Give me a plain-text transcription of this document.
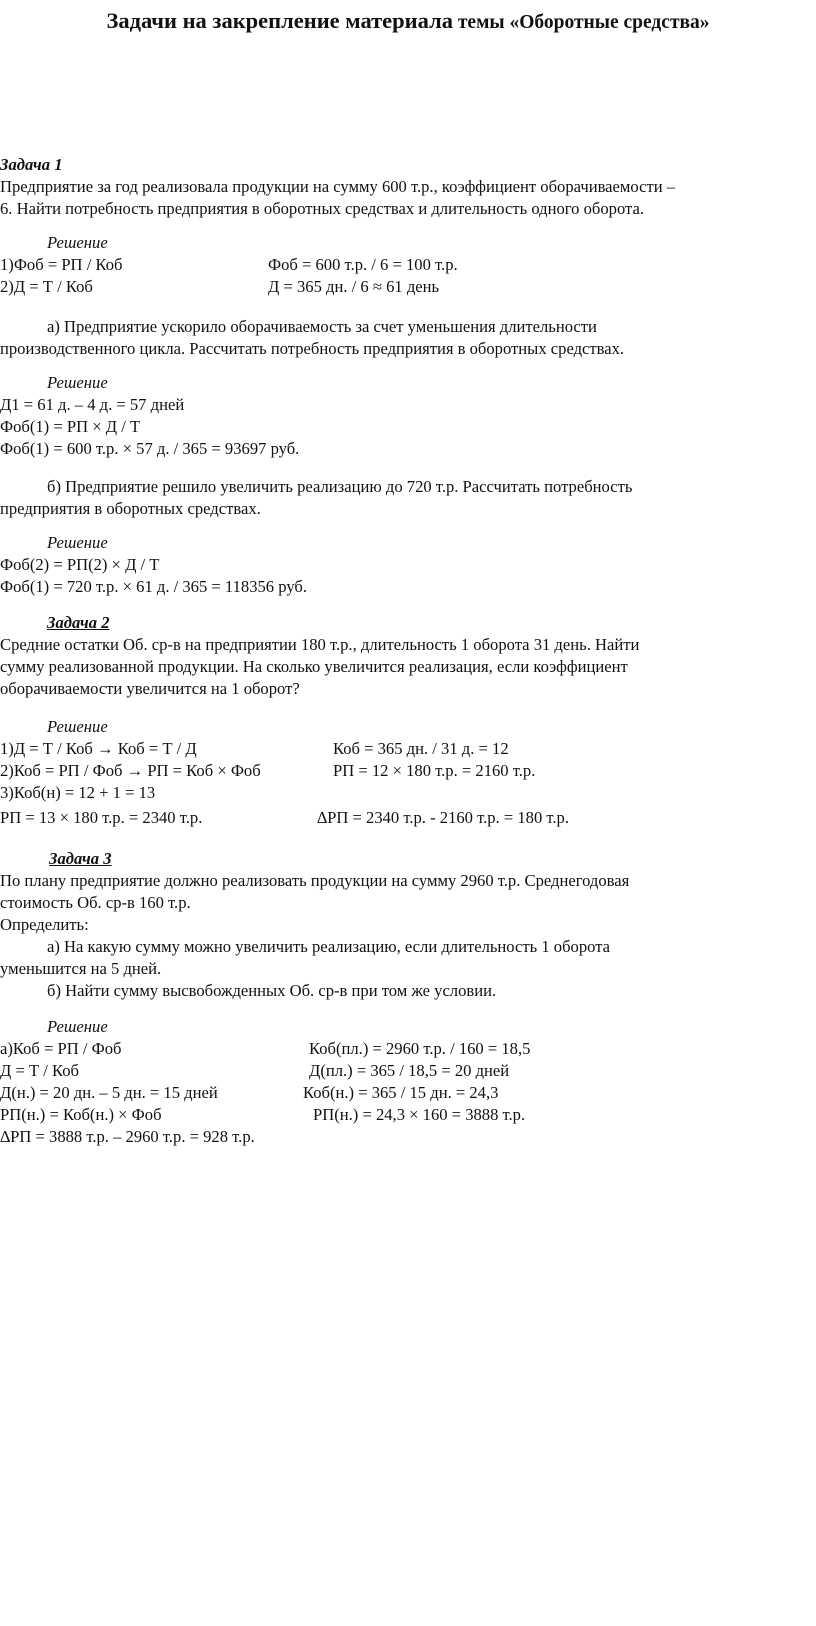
Задачи на закрепление материала темы «Оборотные средства»
Задача 1
Предприятие за год реализовала продукции на сумму 600 т.р., коэффициент оборачиваемости –
6. Найти потребность предприятия в оборотных средствах и длительность одного оборота.
Решение
1)Фоб = РП / Коб	Фоб = 600 т.р. / 6 = 100 т.р.
2)Д = Т / Коб	Д = 365 дн. / 6 ≈ 61 день
а) Предприятие ускорило оборачиваемость за счет уменьшения длительности
производственного цикла. Рассчитать потребность предприятия в оборотных средствах.
Решение
Д1 = 61 д. – 4 д. = 57 дней
Фоб(1) = РП × Д / Т
Фоб(1) = 600 т.р. × 57 д. / 365 = 93697 руб.
б) Предприятие решило увеличить реализацию до 720 т.р. Рассчитать потребность
предприятия в оборотных средствах.
Решение
Фоб(2) = РП(2) × Д / Т
Фоб(1) = 720 т.р. × 61 д. / 365 = 118356 руб.
Задача 2
Средние остатки Об. ср-в на предприятии 180 т.р., длительность 1 оборота 31 день. Найти
сумму реализованной продукции. На сколько увеличится реализация, если коэффициент
оборачиваемости увеличится на 1 оборот?
Решение
1)Д = Т / Коб → Коб = Т / Д	Коб = 365 дн. / 31 д. = 12
2)Коб = РП / Фоб → РП = Коб × Фоб	РП = 12 × 180 т.р. = 2160 т.р.
3)Коб(н) = 12 + 1 = 13
РП = 13 × 180 т.р. = 2340 т.р.	∆РП = 2340 т.р. - 2160 т.р. = 180 т.р.
Задача 3
По плану предприятие должно реализовать продукции на сумму 2960 т.р. Среднегодовая
стоимость Об. ср-в 160 т.р.
Определить:
а) На какую сумму можно увеличить реализацию, если длительность 1 оборота
уменьшится на 5 дней.
б) Найти сумму высвобожденных Об. ср-в при том же условии.
Решение
а)Коб = РП / Фоб	Коб(пл.) = 2960 т.р. / 160 = 18,5
Д = Т / Коб	Д(пл.) = 365 / 18,5 = 20 дней
Д(н.) = 20 дн. – 5 дн. = 15 дней	Коб(н.) = 365 / 15 дн. = 24,3
РП(н.) = Коб(н.) × Фоб	РП(н.) = 24,3 × 160 = 3888 т.р.
∆РП = 3888 т.р. – 2960 т.р. = 928 т.р.
